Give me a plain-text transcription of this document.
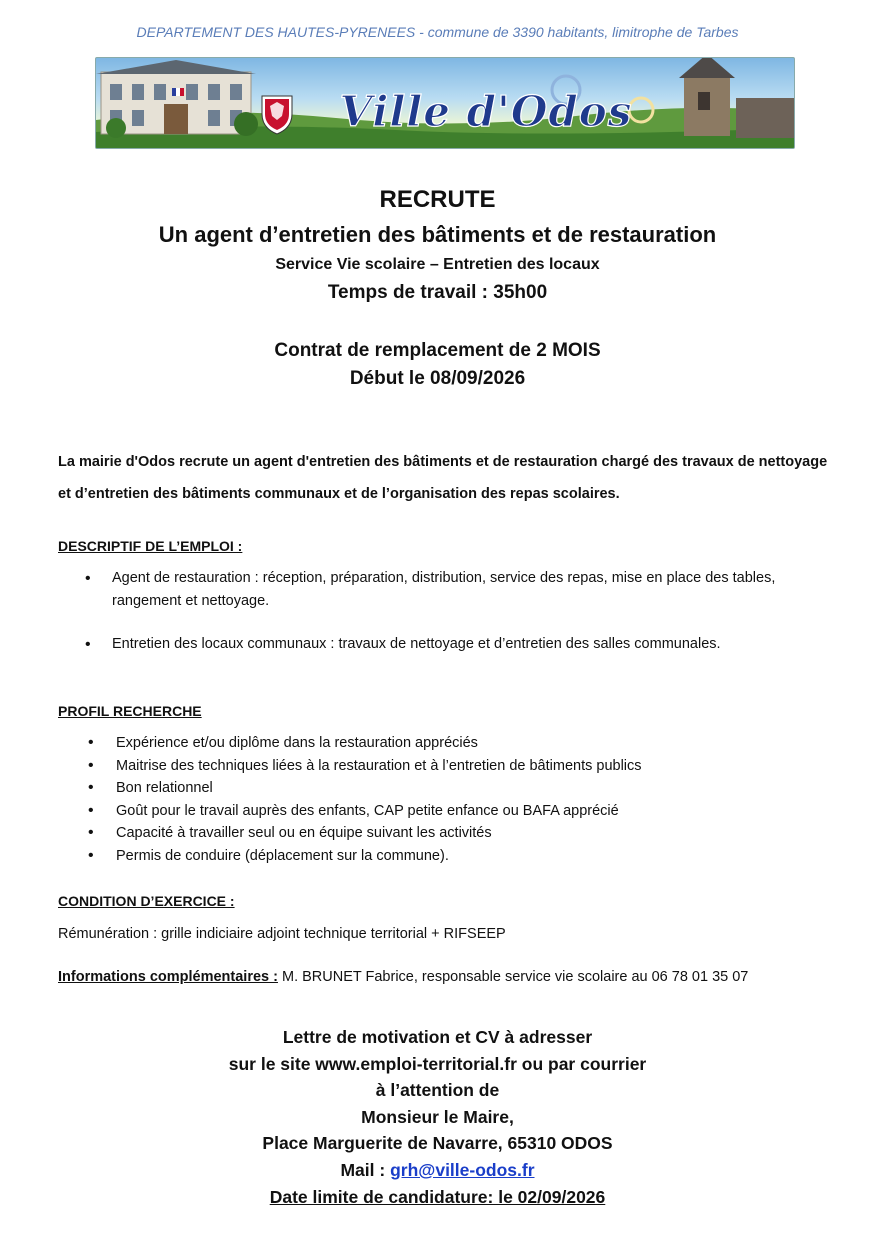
DEPARTEMENT DES HAUTES-PYRENEES - commune de 3390 habitants, limitrophe de Tarbes
Ville d'Odos
RECRUTE
Un agent d’entretien des bâtiments et de restauration
Service Vie scolaire – Entretien des locaux
Temps de travail : 35h00
Contrat de remplacement de 2 MOIS
Début le 08/09/2026
La mairie d'Odos recrute un agent d'entretien des bâtiments et de restauration chargé des travaux de nettoyage et d’entretien des bâtiments communaux et de l’organisation des repas scolaires.
DESCRIPTIF DE L’EMPLOI :
• Agent de restauration : réception, préparation, distribution, service des repas, mise en place des tables, rangement et nettoyage.
• Entretien des locaux communaux : travaux de nettoyage et d’entretien des salles communales.
PROFIL RECHERCHE
• Expérience et/ou diplôme dans la restauration appréciés
• Maitrise des techniques liées à la restauration et à l’entretien de bâtiments publics
• Bon relationnel
• Goût pour le travail auprès des enfants, CAP petite enfance ou BAFA apprécié
• Capacité à travailler seul ou en équipe suivant les activités
• Permis de conduire (déplacement sur la commune).
CONDITION D’EXERCICE :
Rémunération : grille indiciaire adjoint technique territorial + RIFSEEP
Informations complémentaires : M. BRUNET Fabrice, responsable service vie scolaire au 06 78 01 35 07
Lettre de motivation et CV à adresser
sur le site www.emploi-territorial.fr ou par courrier
à l’attention de
Monsieur le Maire,
Place Marguerite de Navarre, 65310 ODOS
Mail : grh@ville-odos.fr
Date limite de candidature: le 02/09/2026
